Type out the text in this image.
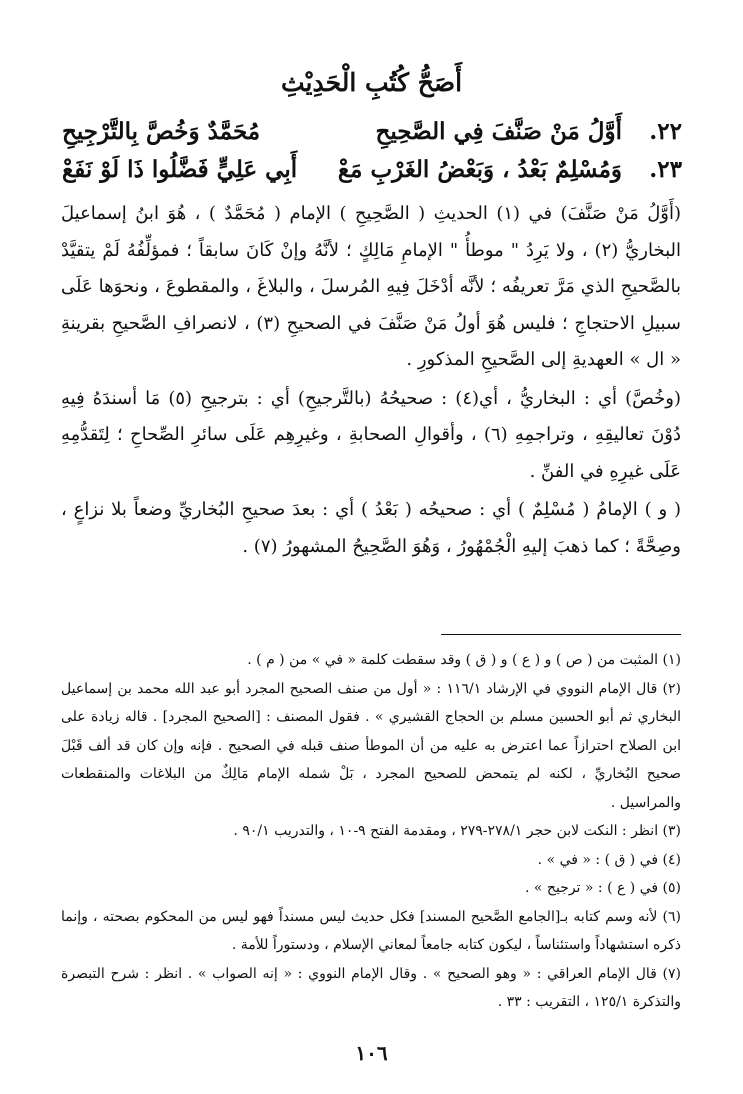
أَصَحُّ كُتُبِ الْحَدِيْثِ
٢٢.
أَوَّلُ مَنْ صَنَّفَ فِي الصَّحِيحِ
مُحَمَّدٌ وَخُصَّ بِالتَّرْجِيحِ
٢٣.
وَمُسْلِمٌ بَعْدُ ، وَبَعْضُ الغَرْبِ مَعْ
أَبِي عَلِيٍّ فَضَّلُوا ذَا لَوْ نَفَعْ

(أَوَّلُ مَنْ صَنَّفَ) في (١) الحديثِ ( الصَّحِيحِ ) الإمام ( مُحَمَّدٌ ) ، هُوَ ابنُ إسماعيلَ البخاريُّ (٢) ، ولا يَرِدُ " موطأُ " الإمامِ مَالِكٍ ؛ لأنَّهُ وإنْ كَانَ سابقاً ؛ فمؤلِّفُهُ لَمْ يتقيَّدْ بالصَّحيحِ الذي مَرَّ تعريفُه ؛ لأنَّه أدْخَلَ فِيهِ المُرسلَ ، والبلاغَ ، والمقطوعَ ، ونحوَها عَلَى سبيلِ الاحتجاجِ ؛ فليس هُوَ أولُ مَنْ صَنَّفَ في الصحيحِ (٣) ، لانصرافِ الصَّحيحِ بقرينةِ « ال » العهديةِ إلى الصَّحيحِ المذكورِ .

(وخُصَّ) أي : البخاريُّ ، أي(٤) : صحيحُهُ (بالتَّرجيحِ) أي : بترجيحِ (٥) مَا أسندَهُ فِيهِ دُوْنَ تعاليقِهِ ، وتراجمِهِ (٦) ، وأقوالِ الصحابةِ ، وغيرِهِم عَلَى سائرِ الصِّحاحِ ؛ لِتَقدُّمِهِ عَلَى غيرِهِ في الفنِّ .

( و ) الإمامُ ( مُسْلِمٌ ) أي : صحيحُه ( بَعْدُ ) أي : بعدَ صحيحِ البُخاريِّ وضعاً بلا نزاعٍ ، وصِحَّةً ؛ كما ذهبَ إليهِ الْجُمْهُورُ ، وَهُوَ الصَّحِيحُ المشهورُ (٧) .

(١) المثبت من ( ص ) و ( ع ) و ( ق ) وقد سقطت كلمة « في » من ( م ) .

(٢) قال الإمام النووي في الإرشاد ١١٦/١ : « أول من صنف الصحيح المجرد أبو عبد الله محمد بن إسماعيل البخاري ثم أبو الحسين مسلم بن الحجاج القشيري » . فقول المصنف : [الصحيح المجرد] . قاله زيادة على ابن الصلاح احترازاً عما اعترض به عليه من أن الموطأ صنف قبله في الصحيح . فإنه وإن كان قد ألف قَبْلَ صحيح البُخاريِّ ، لكنه لم يتمحض للصحيح المجرد ، بَلْ شمله الإمام مَالِكٌ من البلاغات والمنقطعات والمراسيل .

(٣) انظر : النكت لابن حجر ٢٧٨/١-٢٧٩ ، ومقدمة الفتح ٩-١٠ ، والتدريب ٩٠/١ .

(٤) في ( ق ) : « في » .

(٥) في ( ع ) : « ترجيح » .

(٦) لأنه وسم كتابه بـ[الجامع الصَّحيح المسند] فكل حديث ليس مسنداً فهو ليس من المحكوم بصحته ، وإنما ذكره استشهاداً واستئناساً ، ليكون كتابه جامعاً لمعاني الإسلام ، ودستوراً للأمة .

(٧) قال الإمام العراقي : « وهو الصحيح » . وقال الإمام النووي : « إنه الصواب » . انظر : شرح التبصرة والتذكرة ١٢٥/١ ، التقريب : ٣٣ .

١٠٦
